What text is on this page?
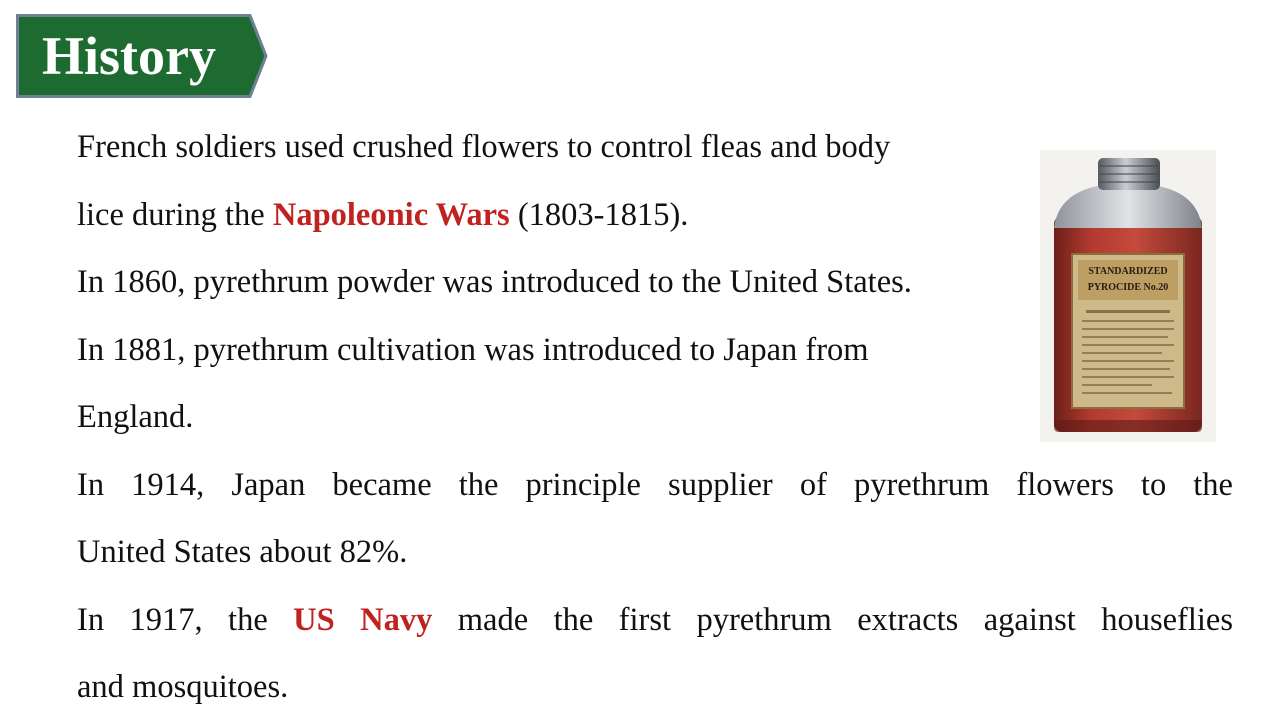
History
French soldiers used crushed flowers to control fleas and body
lice during the Napoleonic Wars (1803-1815).
In 1860, pyrethrum powder was introduced to the United States.
In 1881, pyrethrum cultivation was introduced to Japan from
England.
In 1914, Japan became the principle supplier of pyrethrum flowers to the
United States about 82%.
In 1917, the US Navy made the first pyrethrum extracts against houseflies
and mosquitoes.
STANDARDIZED
PYROCIDE No.20
